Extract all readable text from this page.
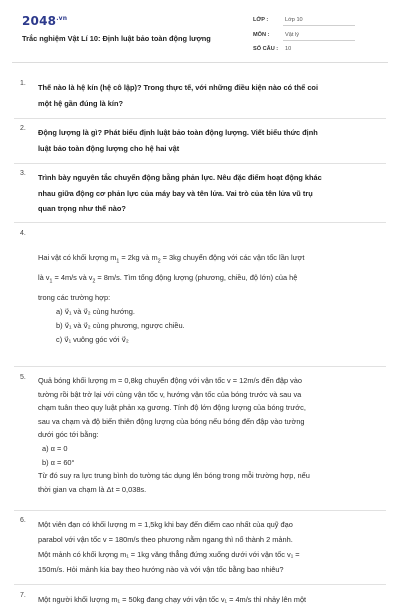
$2048^{.vn}$
Trắc nghiệm Vật Lí 10: Định luật bảo toàn động lượng
LỚP :	Lớp 10
MÔN :	Vật lý
SỐ CÂU : 10
1. Thế nào là hệ kín (hệ cô lập)? Trong thực tế, với những điều kiện nào có thể coi
một hệ gần đúng là kín?
2. Động lượng là gì? Phát biểu định luật bảo toàn động lượng. Viết biểu thức định
luật bảo toàn động lượng cho hệ hai vật
3. Trình bày nguyên tắc chuyển động bằng phản lực. Nêu đặc điểm hoạt động khác
nhau giữa động cơ phản lực của máy bay và tên lửa. Vai trò của tên lửa vũ trụ
quan trọng như thế nào?
4.
Hai vật có khối lượng $m_1 = 2kg$ và $m_2 = 3kg$ chuyển động với các vận tốc lần lượt
là $v_1 = 4m/s$ và $v_2 = 8m/s$. Tìm tổng động lượng (phương, chiều, độ lớn) của hệ
trong các trường hợp:
a) v⃗₁ và v⃗₂ cùng hướng.
b) v⃗₁ và v⃗₂ cùng phương, ngược chiều.
c) v⃗₁ vuông góc với v⃗₂
5. Quả bóng khối lượng m = 0,8kg chuyển động với vận tốc v = 12m/s đến đập vào
tường rồi bật trở lại với cùng vận tốc v, hướng vận tốc của bóng trước và sau va
chạm tuân theo quy luật phản xạ gương. Tính độ lớn động lượng của bóng trước,
sau va chạm và độ biến thiên động lượng của bóng nếu bóng đến đập vào tường
dưới góc tới bằng:
a) α = 0
b) α = 60°
Từ đó suy ra lực trung bình do tường tác dụng lên bóng trong mỗi trường hợp, nếu
thời gian va chạm là Δt = 0,038s.
6. Một viên đạn có khối lượng m = 1,5kg khi bay đến điểm cao nhất của quỹ đạo
parabol với vận tốc v = 180m/s theo phương nằm ngang thì nổ thành 2 mảnh.
Một mảnh có khối lượng m₁ = 1kg văng thẳng đứng xuống dưới với vận tốc v₁ =
150m/s. Hỏi mảnh kia bay theo hướng nào và với vận tốc bằng bao nhiêu?
7. Một người khối lượng m₁ = 50kg đang chạy với vận tốc v₁ = 4m/s thì nhảy lên một
